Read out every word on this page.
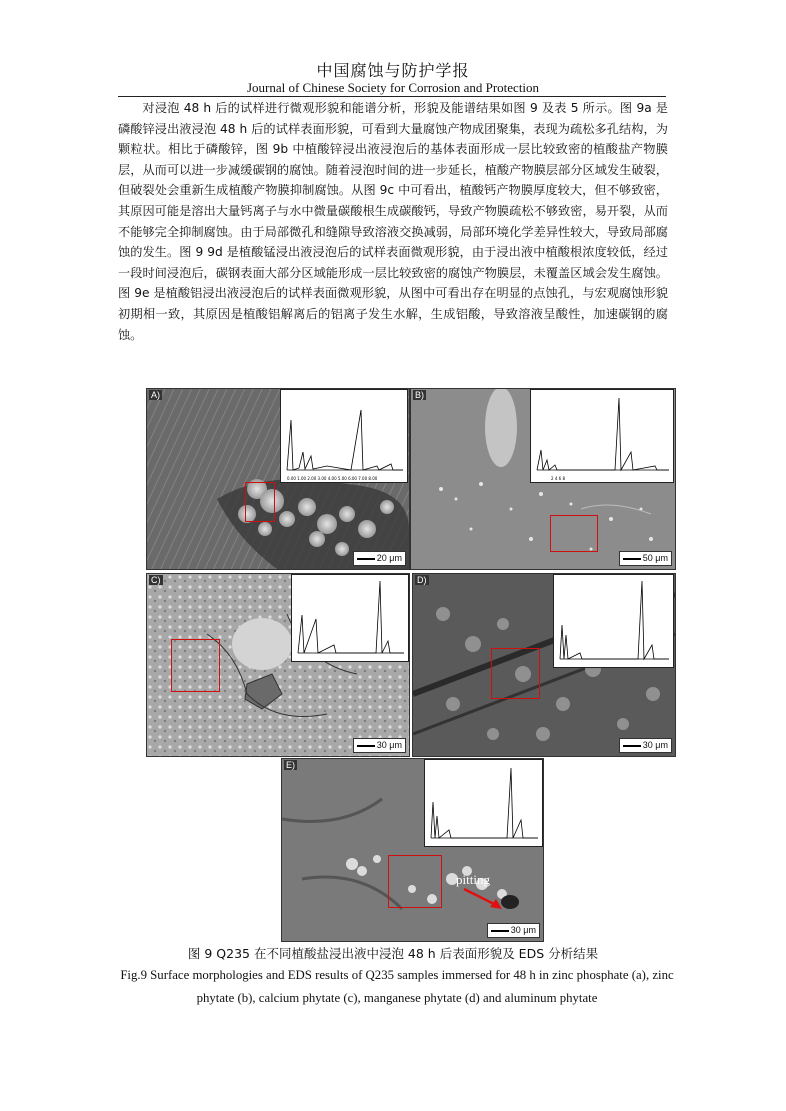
中国腐蚀与防护学报
Journal of Chinese Society for Corrosion and Protection

对浸泡 48 h 后的试样进行微观形貌和能谱分析，形貌及能谱结果如图 9 及表 5 所示。图 9a 是磷酸锌浸出液浸泡 48 h 后的试样表面形貌，可看到大量腐蚀产物成团聚集，表现为疏松多孔结构，为颗粒状。相比于磷酸锌，图 9b 中植酸锌浸出液浸泡后的基体表面形成一层比较致密的植酸盐产物膜层，从而可以进一步减缓碳钢的腐蚀。随着浸泡时间的进一步延长，植酸产物膜层部分区域发生破裂，但破裂处会重新生成植酸产物膜抑制腐蚀。从图 9c 中可看出，植酸钙产物膜厚度较大，但不够致密，其原因可能是溶出大量钙离子与水中微量碳酸根生成碳酸钙，导致产物膜疏松不够致密，易开裂，从而不能够完全抑制腐蚀。由于局部微孔和缝隙导致溶液交换减弱，局部环境化学差异性较大，导致局部腐蚀的发生。图 9 9d 是植酸锰浸出液浸泡后的试样表面微观形貌，由于浸出液中植酸根浓度较低，经过一段时间浸泡后，碳钢表面大部分区域能形成一层比较致密的腐蚀产物膜层，未覆盖区域会发生腐蚀。图 9e 是植酸铝浸出液浸泡后的试样表面微观形貌，从图中可看出存在明显的点蚀孔，与宏观腐蚀形貌初期相一致，其原因是植酸铝解离后的铝离子发生水解，生成铝酸，导致溶液呈酸性，加速碳钢的腐蚀。

A)
20 μm
0.00 1.00 2.00 3.00 4.00 5.00 6.00 7.00 8.00
B)
50 μm
2 4 6 8
C)
30 μm
D)
30 μm
E)
30 μm
pitting
图 9 Q235 在不同植酸盐浸出液中浸泡 48 h 后表面形貌及 EDS 分析结果
Fig.9 Surface morphologies and EDS results of Q235 samples immersed for 48 h in zinc phosphate (a), zinc phytate (b), calcium phytate (c), manganese phytate (d) and aluminum phytate
